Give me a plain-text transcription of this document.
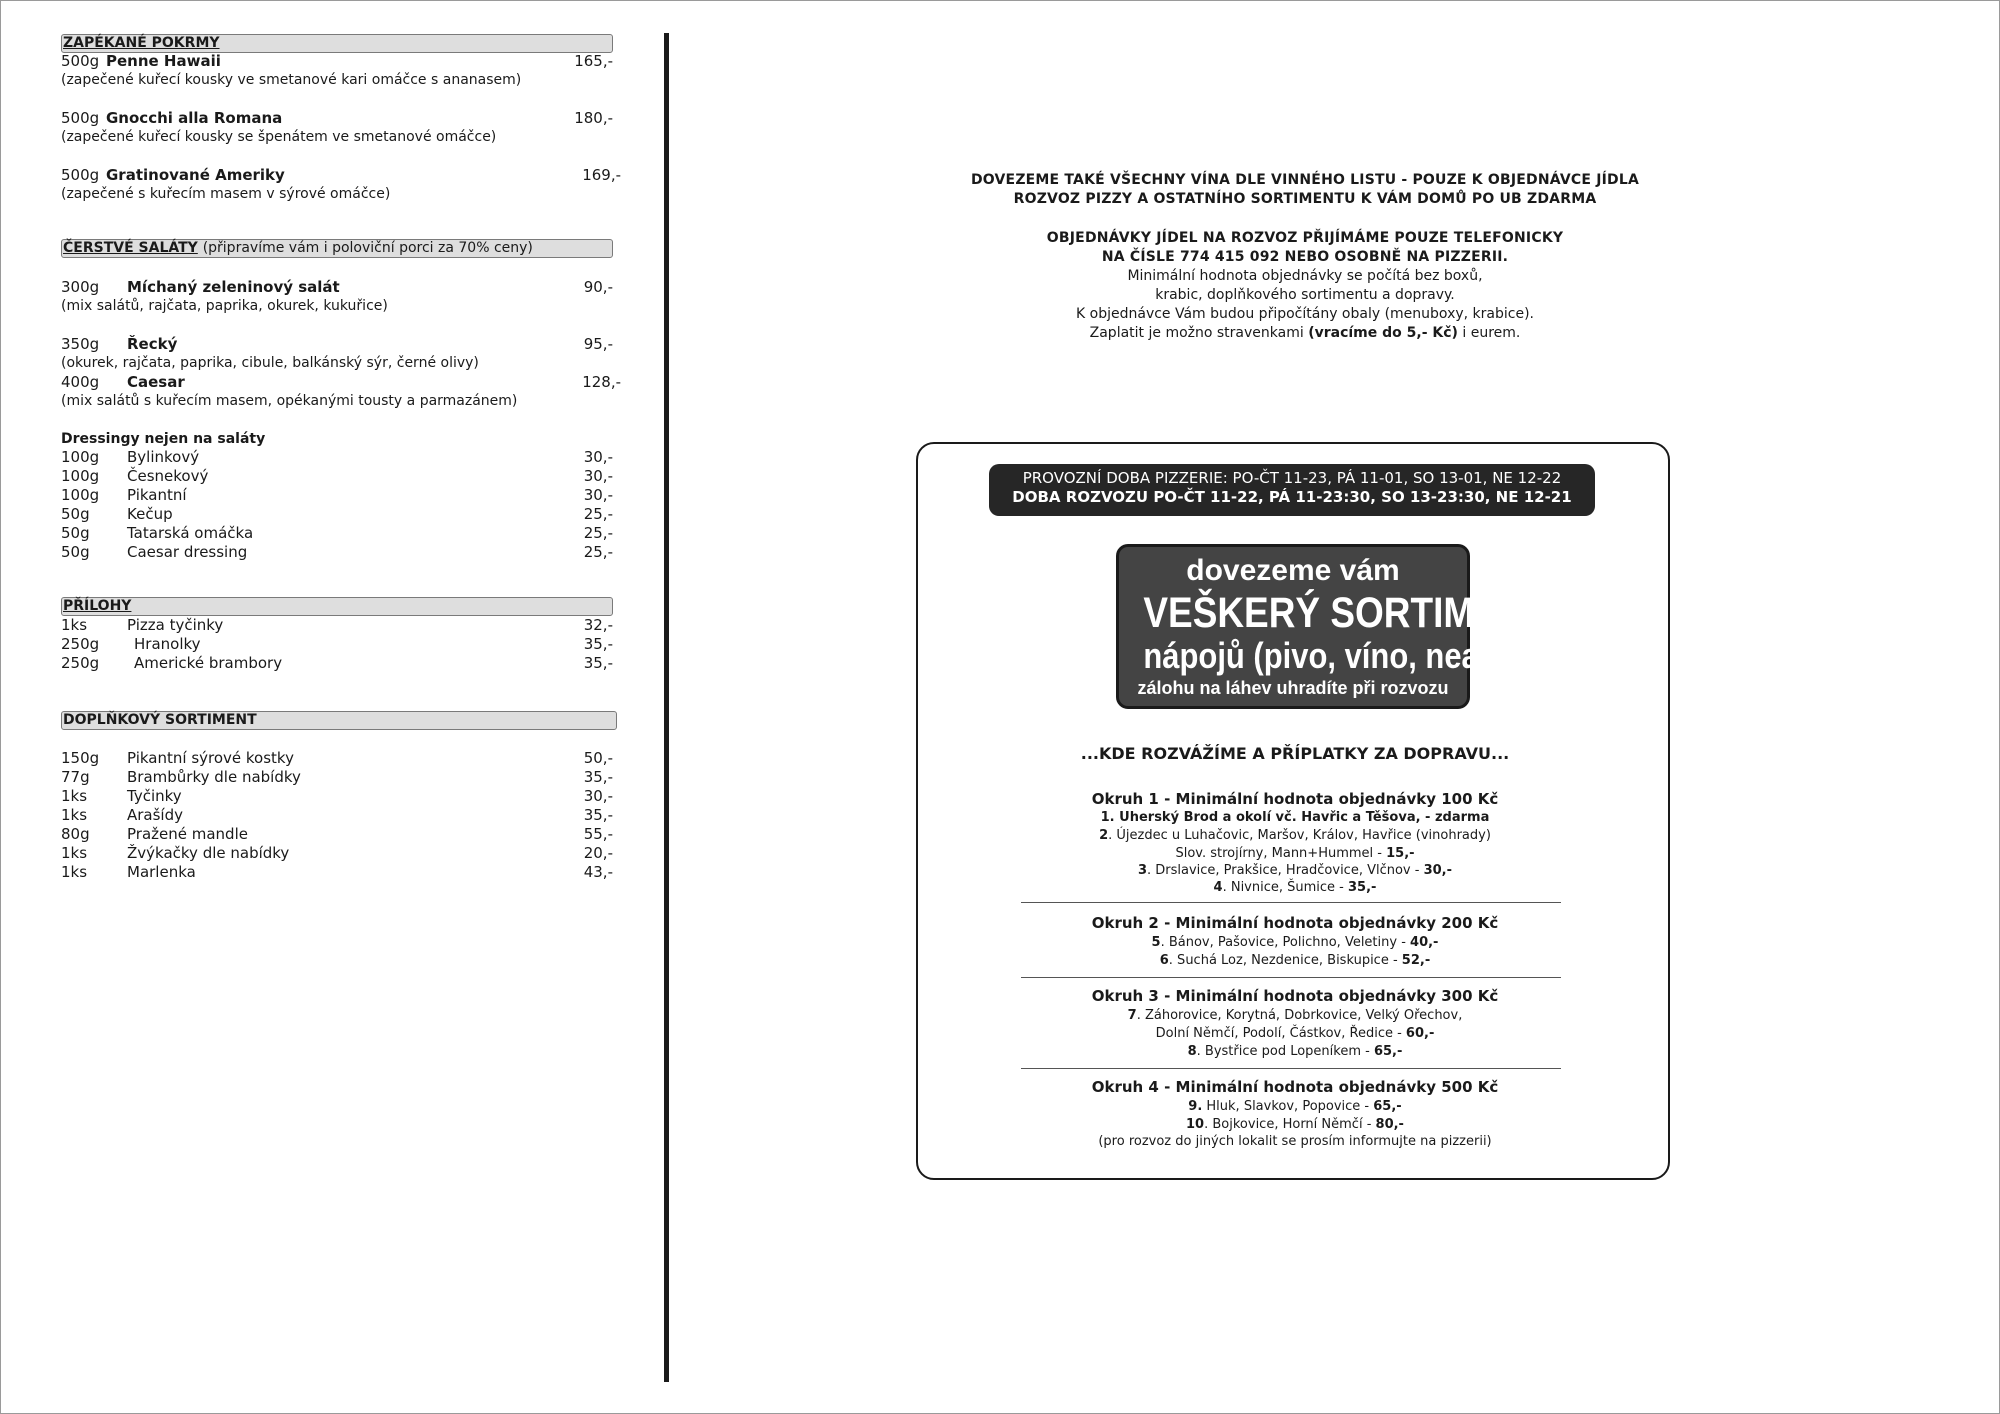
ZAPÉKANÉ POKRMY
500g Penne Hawaii	165,-
(zapečené kuřecí kousky ve smetanové kari omáčce s ananasem)
500g Gnocchi alla Romana	180,-
(zapečené kuřecí kousky se špenátem ve smetanové omáčce)
500g Gratinované Ameriky	169,-
(zapečené s kuřecím masem v sýrové omáčce)
ČERSTVÉ SALÁTY (připravíme vám i poloviční porci za 70% ceny)
300g Míchaný zeleninový salát	90,-
(mix salátů, rajčata, paprika, okurek, kukuřice)
350g Řecký	95,-
(okurek, rajčata, paprika, cibule, balkánský sýr, černé olivy)
400g Caesar	128,-
(mix salátů s kuřecím masem, opékanými tousty a parmazánem)
Dressingy nejen na saláty
100g Bylinkový	30,-
100g Česnekový	30,-
100g Pikantní	30,-
50g Kečup	25,-
50g Tatarská omáčka	25,-
50g Caesar dressing	25,-
PŘÍLOHY
1ks	Pizza tyčinky	32,-
250g Hranolky	35,-
250g Americké brambory	35,-
DOPLŇKOVÝ SORTIMENT
150g Pikantní sýrové kostky	50,-
77g Brambůrky dle nabídky	35,-
1ks	Tyčinky	30,-
1ks	Arašídy	35,-
80g Pražené mandle	55,-
1ks	Žvýkačky dle nabídky	20,-
1ks	Marlenka	43,-
DOVEZEME TAKÉ VŠECHNY VÍNA DLE VINNÉHO LISTU - POUZE K OBJEDNÁVCE JÍDLA
ROZVOZ PIZZY A OSTATNÍHO SORTIMENTU K VÁM DOMŮ PO UB ZDARMA
OBJEDNÁVKY JÍDEL NA ROZVOZ PŘIJÍMÁME POUZE TELEFONICKY
NA ČÍSLE 774 415 092 NEBO OSOBNĚ NA PIZZERII.
Minimální hodnota objednávky se počítá bez boxů,
krabic, doplňkového sortimentu a dopravy.
K objednávce Vám budou připočítány obaly (menuboxy, krabice).
Zaplatit je možno stravenkami (vracíme do 5,- Kč) i eurem.
PROVOZNÍ DOBA PIZZERIE: PO-ČT 11-23, PÁ 11-01, SO 13-01, NE 12-22
DOBA ROZVOZU PO-ČT 11-22, PÁ 11-23:30, SO 13-23:30, NE 12-21
dovezeme vám
VEŠKERÝ SORTIMENT
nápojů (pivo, víno, nealko)
zálohu na láhev uhradíte při rozvozu
...KDE ROZVÁŽÍME A PŘÍPLATKY ZA DOPRAVU...
Okruh 1 - Minimální hodnota objednávky 100 Kč
1. Uherský Brod a okolí vč. Havřic a Těšova, - zdarma
2. Újezdec u Luhačovic, Maršov, Králov, Havřice (vinohrady)
Slov. strojírny, Mann+Hummel - 15,-
3. Drslavice, Prakšice, Hradčovice, Vlčnov - 30,-
4. Nivnice, Šumice - 35,-
Okruh 2 - Minimální hodnota objednávky 200 Kč
5. Bánov, Pašovice, Polichno, Veletiny - 40,-
6. Suchá Loz, Nezdenice, Biskupice - 52,-
Okruh 3 - Minimální hodnota objednávky 300 Kč
7. Záhorovice, Korytná, Dobrkovice, Velký Ořechov,
Dolní Němčí, Podolí, Částkov, Ředice - 60,-
8. Bystřice pod Lopeníkem - 65,-
Okruh 4 - Minimální hodnota objednávky 500 Kč
9. Hluk, Slavkov, Popovice - 65,-
10. Bojkovice, Horní Němčí - 80,-
(pro rozvoz do jiných lokalit se prosím informujte na pizzerii)
